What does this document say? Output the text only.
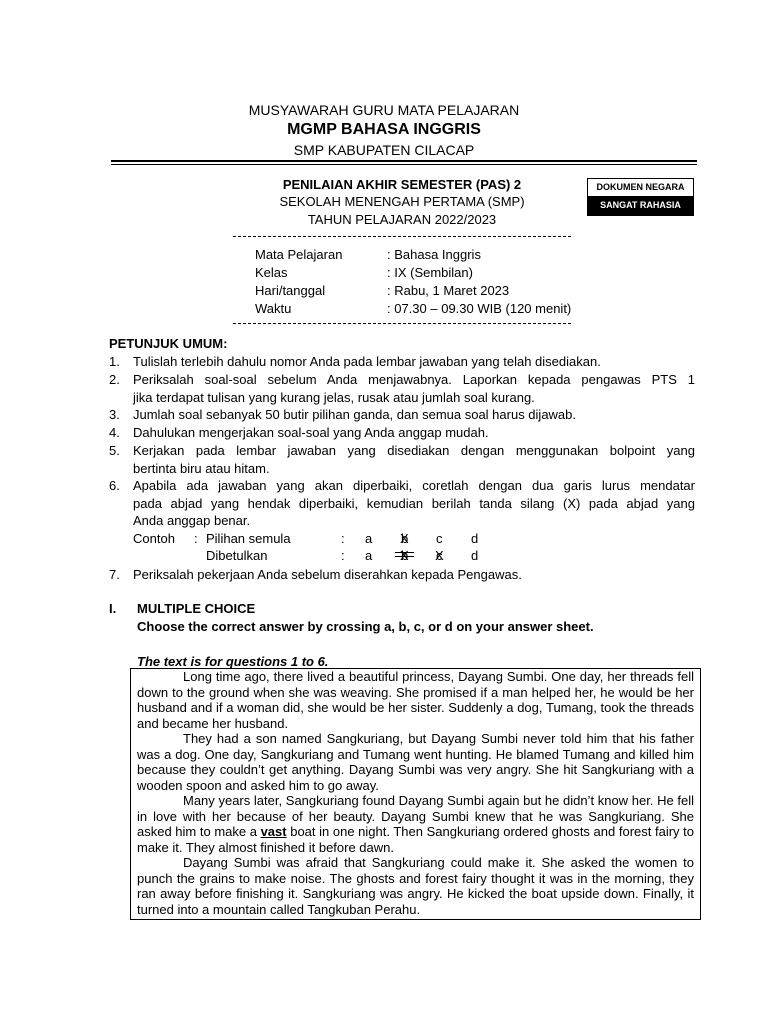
MUSYAWARAH GURU MATA PELAJARAN
MGMP BAHASA INGGRIS
SMP KABUPATEN CILACAP
PENILAIAN AKHIR SEMESTER (PAS) 2
SEKOLAH MENENGAH PERTAMA (SMP)
TAHUN PELAJARAN 2022/2023
DOKUMEN NEGARA
SANGAT RAHASIA
Mata Pelajaran	: Bahasa Inggris
Kelas	: IX (Sembilan)
Hari/tanggal	: Rabu, 1 Maret 2023
Waktu	: 07.30 – 09.30 WIB (120 menit)
PETUNJUK UMUM:
1. Tulislah terlebih dahulu nomor Anda pada lembar jawaban yang telah disediakan.
2. Periksalah soal-soal sebelum Anda menjawabnya. Laporkan kepada pengawas PTS 1
jika terdapat tulisan yang kurang jelas, rusak atau jumlah soal kurang.
3. Jumlah soal sebanyak 50 butir pilihan ganda, dan semua soal harus dijawab.
4. Dahulukan mengerjakan soal-soal yang Anda anggap mudah.
5. Kerjakan pada lembar jawaban yang disediakan dengan menggunakan bolpoint yang
bertinta biru atau hitam.
6. Apabila ada jawaban yang akan diperbaiki, coretlah dengan dua garis lurus mendatar
pada abjad yang hendak diperbaiki, kemudian berilah tanda silang (X) pada abjad yang
Anda anggap benar.
Contoh : Pilihan semula	: a b X c d
Dibetulkan	: a b X c X d
7. Periksalah pekerjaan Anda sebelum diserahkan kepada Pengawas.
I. MULTIPLE CHOICE
Choose the correct answer by crossing a, b, c, or d on your answer sheet.
The text is for questions 1 to 6.

Long time ago, there lived a beautiful princess, Dayang Sumbi. One day, her threads fell down to the ground when she was weaving. She promised if a man helped her, he would be her husband and if a woman did, she would be her sister. Suddenly a dog, Tumang, took the threads and became her husband.

They had a son named Sangkuriang, but Dayang Sumbi never told him that his father was a dog. One day, Sangkuriang and Tumang went hunting. He blamed Tumang and killed him because they couldn’t get anything. Dayang Sumbi was very angry. She hit Sangkuriang with a wooden spoon and asked him to go away.

Many years later, Sangkuriang found Dayang Sumbi again but he didn’t know her. He fell in love with her because of her beauty. Dayang Sumbi knew that he was Sangkuriang. She asked him to make a vast boat in one night. Then Sangkuriang ordered ghosts and forest fairy to make it. They almost finished it before dawn.

Dayang Sumbi was afraid that Sangkuriang could make it. She asked the women to punch the grains to make noise. The ghosts and forest fairy thought it was in the morning, they ran away before finishing it. Sangkuriang was angry. He kicked the boat upside down. Finally, it turned into a mountain called Tangkuban Perahu.
